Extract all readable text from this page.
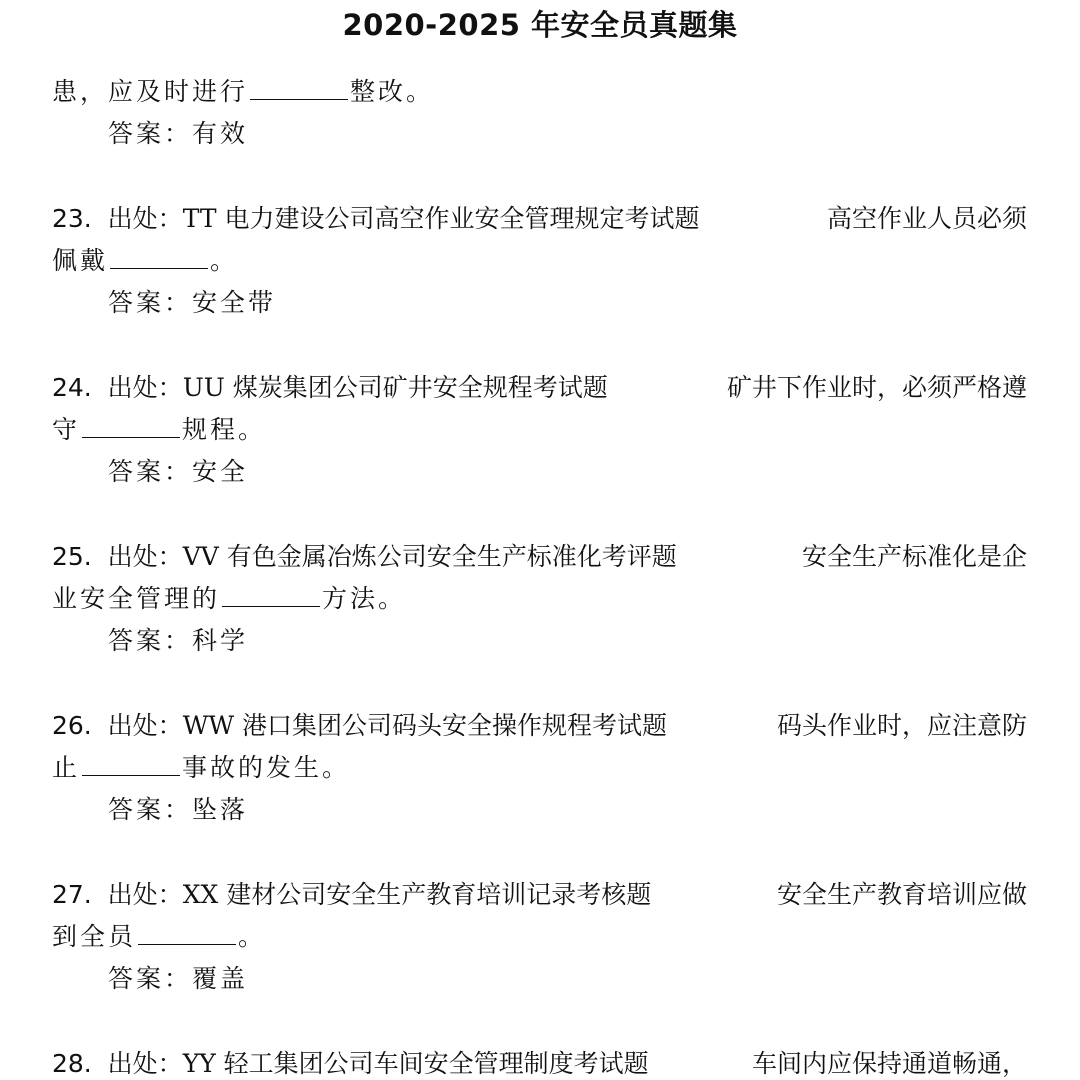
2020-2025 年安全员真题集
患，应及时进行	整改。
答案：有效
23. 出处：TT 电力建设公司高空作业安全管理规定考试题	高空作业人员必须
佩戴	。
答案：安全带
24. 出处：UU 煤炭集团公司矿井安全规程考试题	矿井下作业时，必须严格遵
守	规程。
答案：安全
25. 出处：VV 有色金属冶炼公司安全生产标准化考评题	安全生产标准化是企
业安全管理的	方法。
答案：科学
26. 出处：WW 港口集团公司码头安全操作规程考试题	码头作业时，应注意防
止	事故的发生。
答案：坠落
27. 出处：XX 建材公司安全生产教育培训记录考核题	安全生产教育培训应做
到全员	。
答案：覆盖
28. 出处：YY 轻工集团公司车间安全管理制度考试题	车间内应保持通道畅通，
